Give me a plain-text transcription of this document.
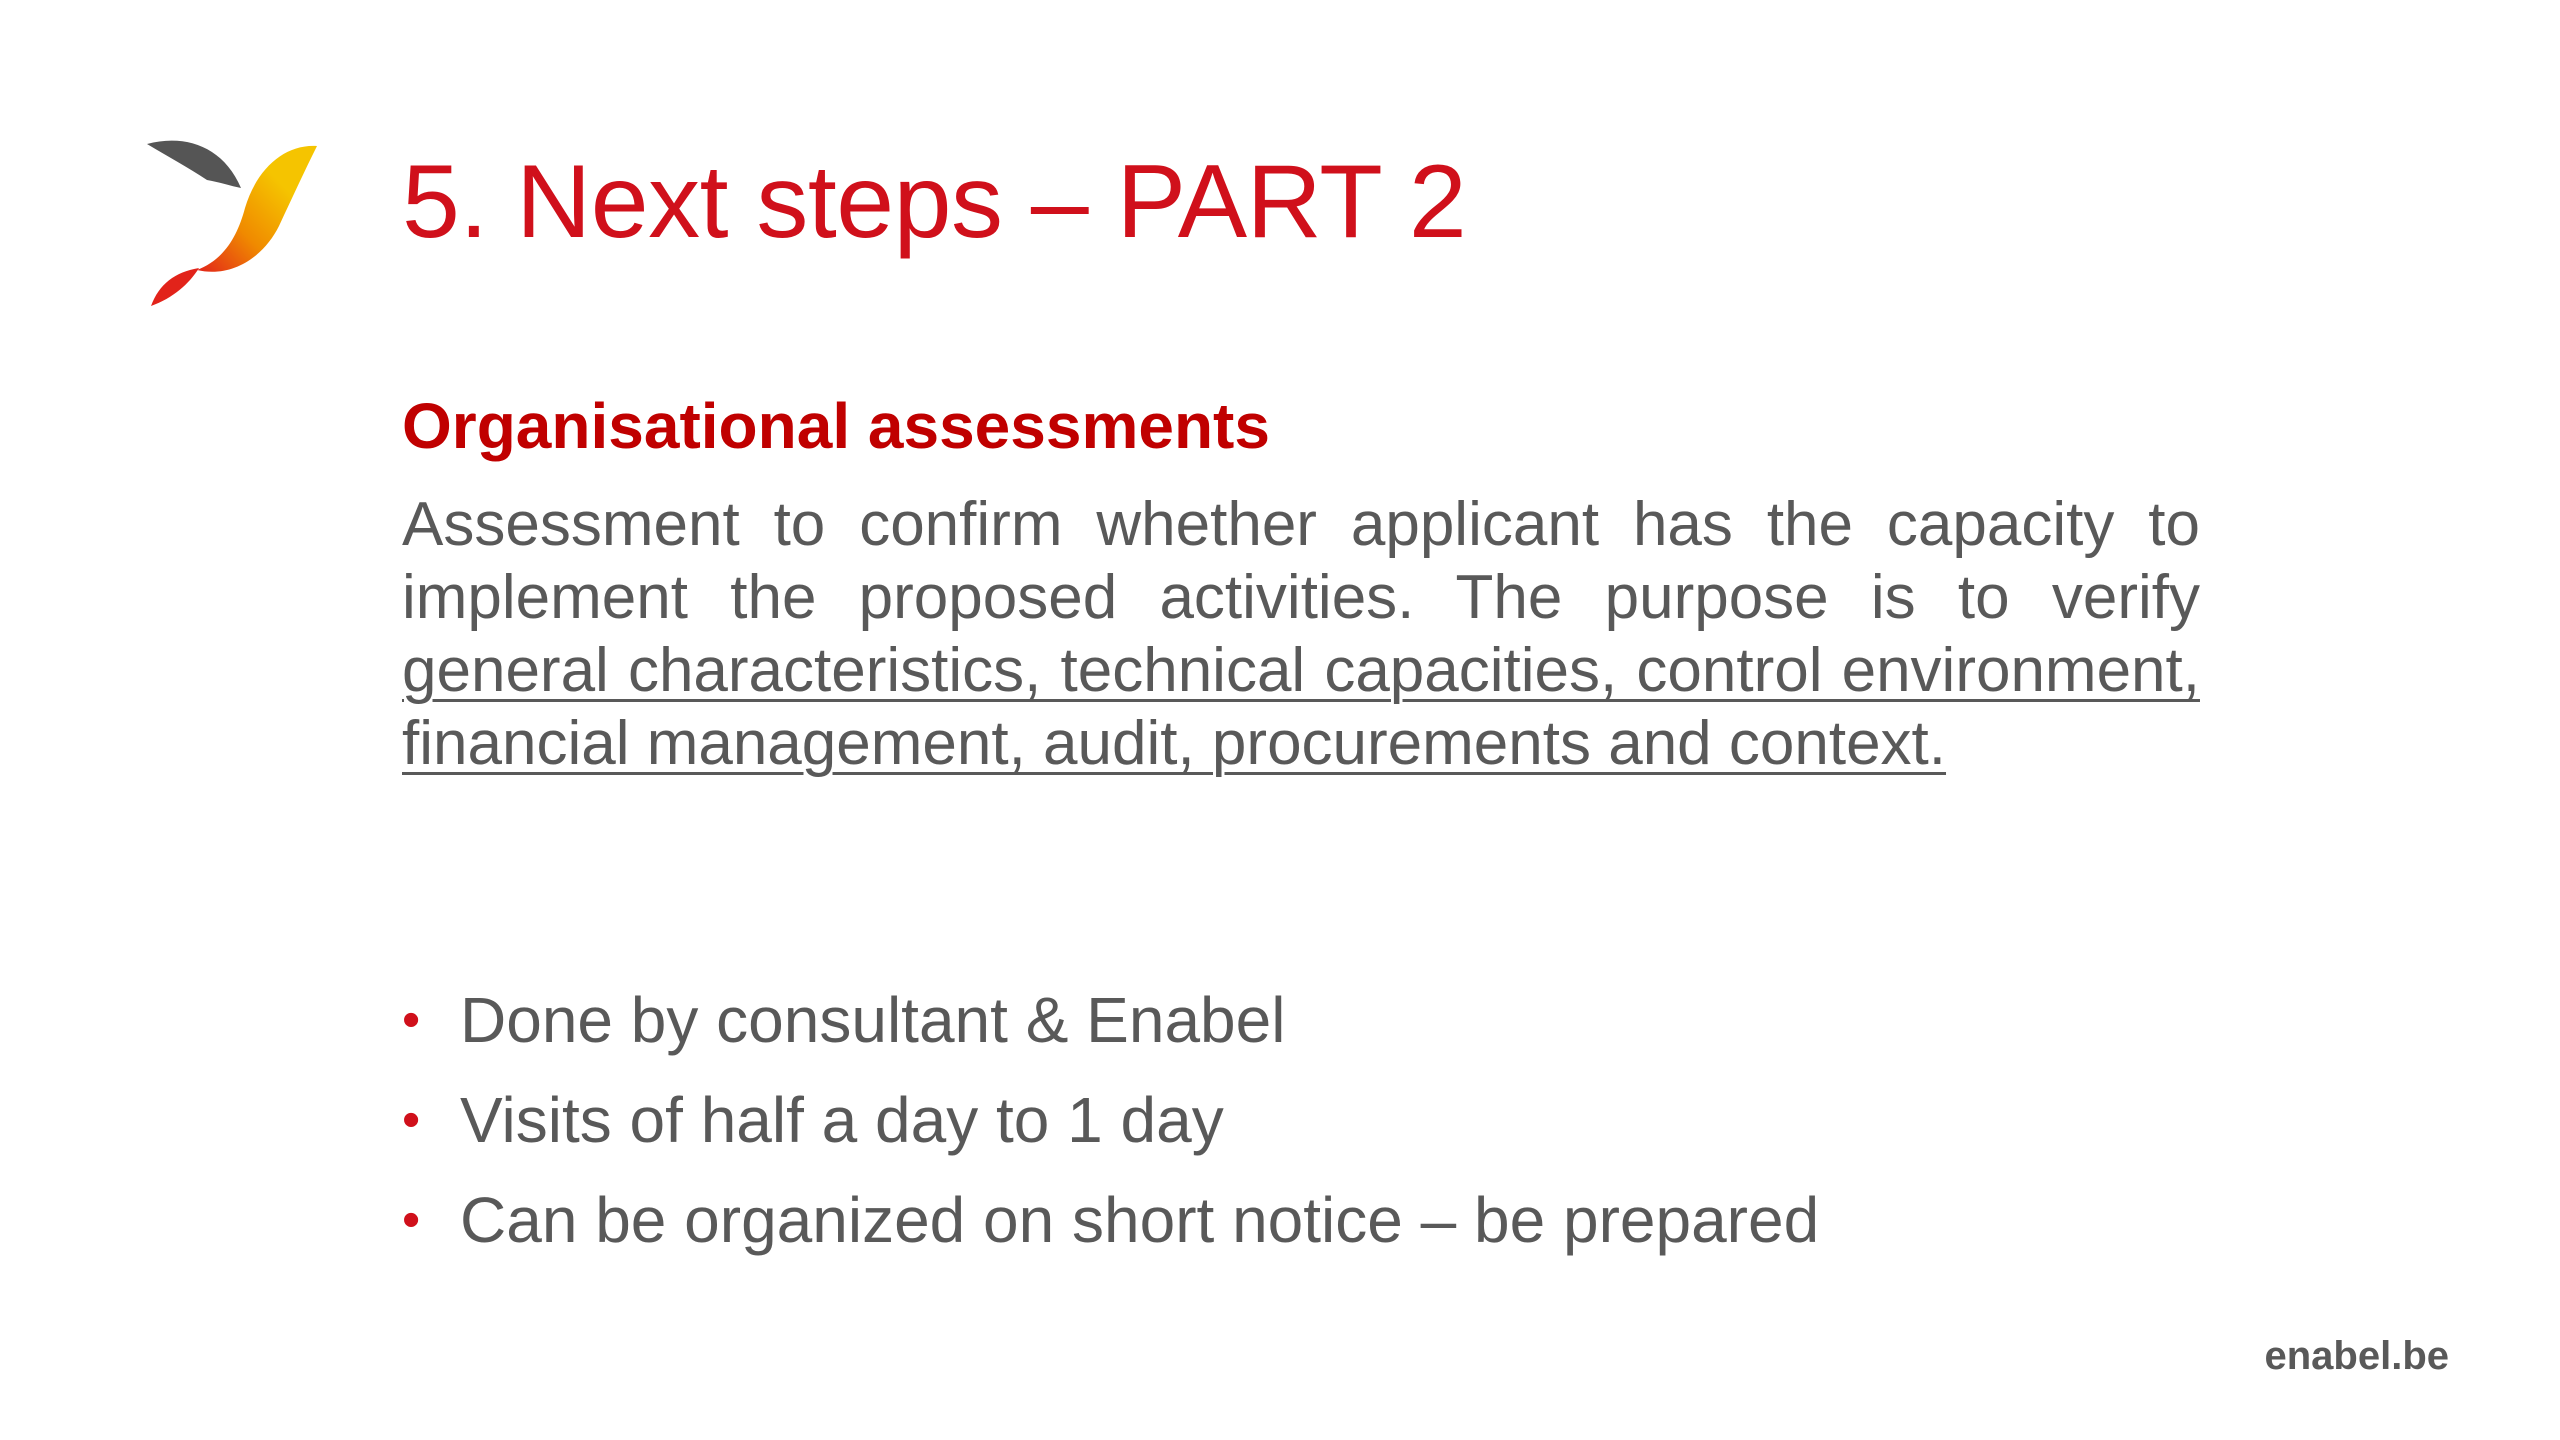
5. Next steps – PART 2
Organisational assessments

Assessment to confirm whether applicant has the capacity to implement the proposed activities. The purpose is to verify general characteristics, technical capacities, control environment, financial management, audit, procurements and context.

• Done by consultant & Enabel
• Visits of half a day to 1 day
• Can be organized on short notice – be prepared
enabel.be
